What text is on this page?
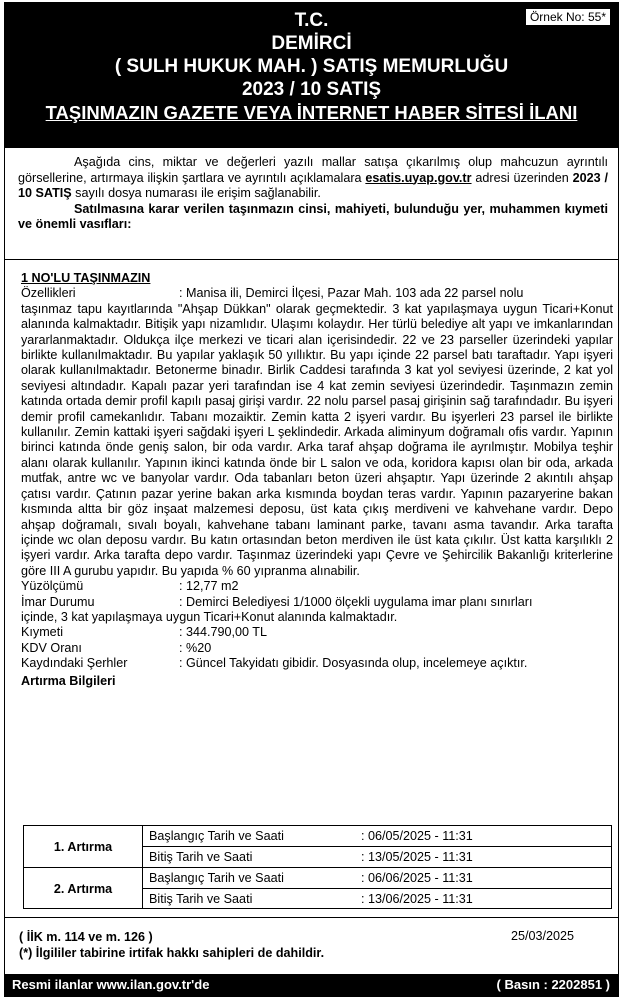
T.C.
DEMİRCİ
( SULH HUKUK MAH. ) SATIŞ MEMURLUĞU
2023 / 10 SATIŞ
TAŞINMAZIN GAZETE VEYA İNTERNET HABER SİTESİ İLANI
Örnek No: 55*

Aşağıda cins, miktar ve değerleri yazılı mallar satışa çıkarılmış olup mahcuzun ayrıntılı görsellerine, artırmaya ilişkin şartlara ve ayrıntılı açıklamalara esatis.uyap.gov.tr adresi üzerinden 2023 / 10 SATIŞ sayılı dosya numarası ile erişim sağlanabilir.

Satılmasına karar verilen taşınmazın cinsi, mahiyeti, bulunduğu yer, muhammen kıymeti ve önemli vasıfları:

1 NO'LU TAŞINMAZIN
Özellikleri	: Manisa ili, Demirci İlçesi, Pazar Mah. 103 ada 22 parsel nolu

taşınmaz tapu kayıtlarında "Ahşap Dükkan" olarak geçmektedir. 3 kat yapılaşmaya uygun Ticari+Konut alanında kalmaktadır. Bitişik yapı nizamlıdır. Ulaşımı kolaydır. Her türlü belediye alt yapı ve imkanlarından yararlanmaktadır. Oldukça ilçe merkezi ve ticari alan içerisindedir. 22 ve 23 parseller üzerindeki yapılar birlikte kullanılmaktadır. Bu yapılar yaklaşık 50 yıllıktır. Bu yapı içinde 22 parsel batı taraftadır. Yapı işyeri olarak kullanılmaktadır. Betonerme binadır. Birlik Caddesi tarafında 3 kat yol seviyesi üzerinde, 2 kat yol seviyesi altındadır. Kapalı pazar yeri tarafından ise 4 kat zemin seviyesi üzerindedir. Taşınmazın zemin katında ortada demir profil kapılı pasaj girişi vardır. 22 nolu parsel pasaj girişinin sağ tarafındadır. Bu işyeri demir profil camekanlıdır. Tabanı mozaiktir. Zemin katta 2 işyeri vardır. Bu işyerleri 23 parsel ile birlikte kullanılır. Zemin kattaki işyeri sağdaki işyeri L şeklindedir. Arkada aliminyum doğramalı ofis vardır. Yapının birinci katında önde geniş salon, bir oda vardır. Arka taraf ahşap doğrama ile ayrılmıştır. Mobilya teşhir alanı olarak kullanılır. Yapının ikinci katında önde bir L salon ve oda, koridora kapısı olan bir oda, arkada mutfak, antre wc ve banyolar vardır. Oda tabanları beton üzeri ahşaptır. Yapı üzerinde 2 akıntılı ahşap çatısı vardır. Çatının pazar yerine bakan arka kısmında boydan teras vardır. Yapının pazaryerine bakan kısmında altta bir göz inşaat malzemesi deposu, üst kata çıkış merdiveni ve kahvehane vardır. Depo ahşap doğramalı, sıvalı boyalı, kahvehane tabanı laminant parke, tavanı asma tavandır. Arka tarafta içinde wc olan deposu vardır. Bu katın ortasından beton merdiven ile üst kata çıkılır. Üst katta karşılıklı 2 işyeri vardır. Arka tarafta depo vardır. Taşınmaz üzerindeki yapı Çevre ve Şehircilik Bakanlığı kriterlerine göre III A gurubu yapıdır. Bu yapıda % 60 yıpranma alınabilir.

Yüzölçümü	: 12,77 m2
İmar Durumu	: Demirci Belediyesi 1/1000 ölçekli uygulama imar planı sınırları
içinde, 3 kat yapılaşmaya uygun Ticari+Konut alanında kalmaktadır.
Kıymeti	: 344.790,00 TL
KDV Oranı	: %20
Kaydındaki Şerhler	: Güncel Takyidatı gibidir. Dosyasında olup, incelemeye açıktır.
Artırma Bilgileri
1. Artırma	Başlangıç Tarih ve Saati	: 06/05/2025 - 11:31
	Bitiş Tarih ve Saati	: 13/05/2025 - 11:31
2. Artırma	Başlangıç Tarih ve Saati	: 06/06/2025 - 11:31
	Bitiş Tarih ve Saati	: 13/06/2025 - 11:31
( İİK m. 114 ve m. 126 )
(*) İlgililer tabirine irtifak hakkı sahipleri de dahildir.
25/03/2025
Resmi ilanlar www.ilan.gov.tr'de	( Basın : 2202851 )
